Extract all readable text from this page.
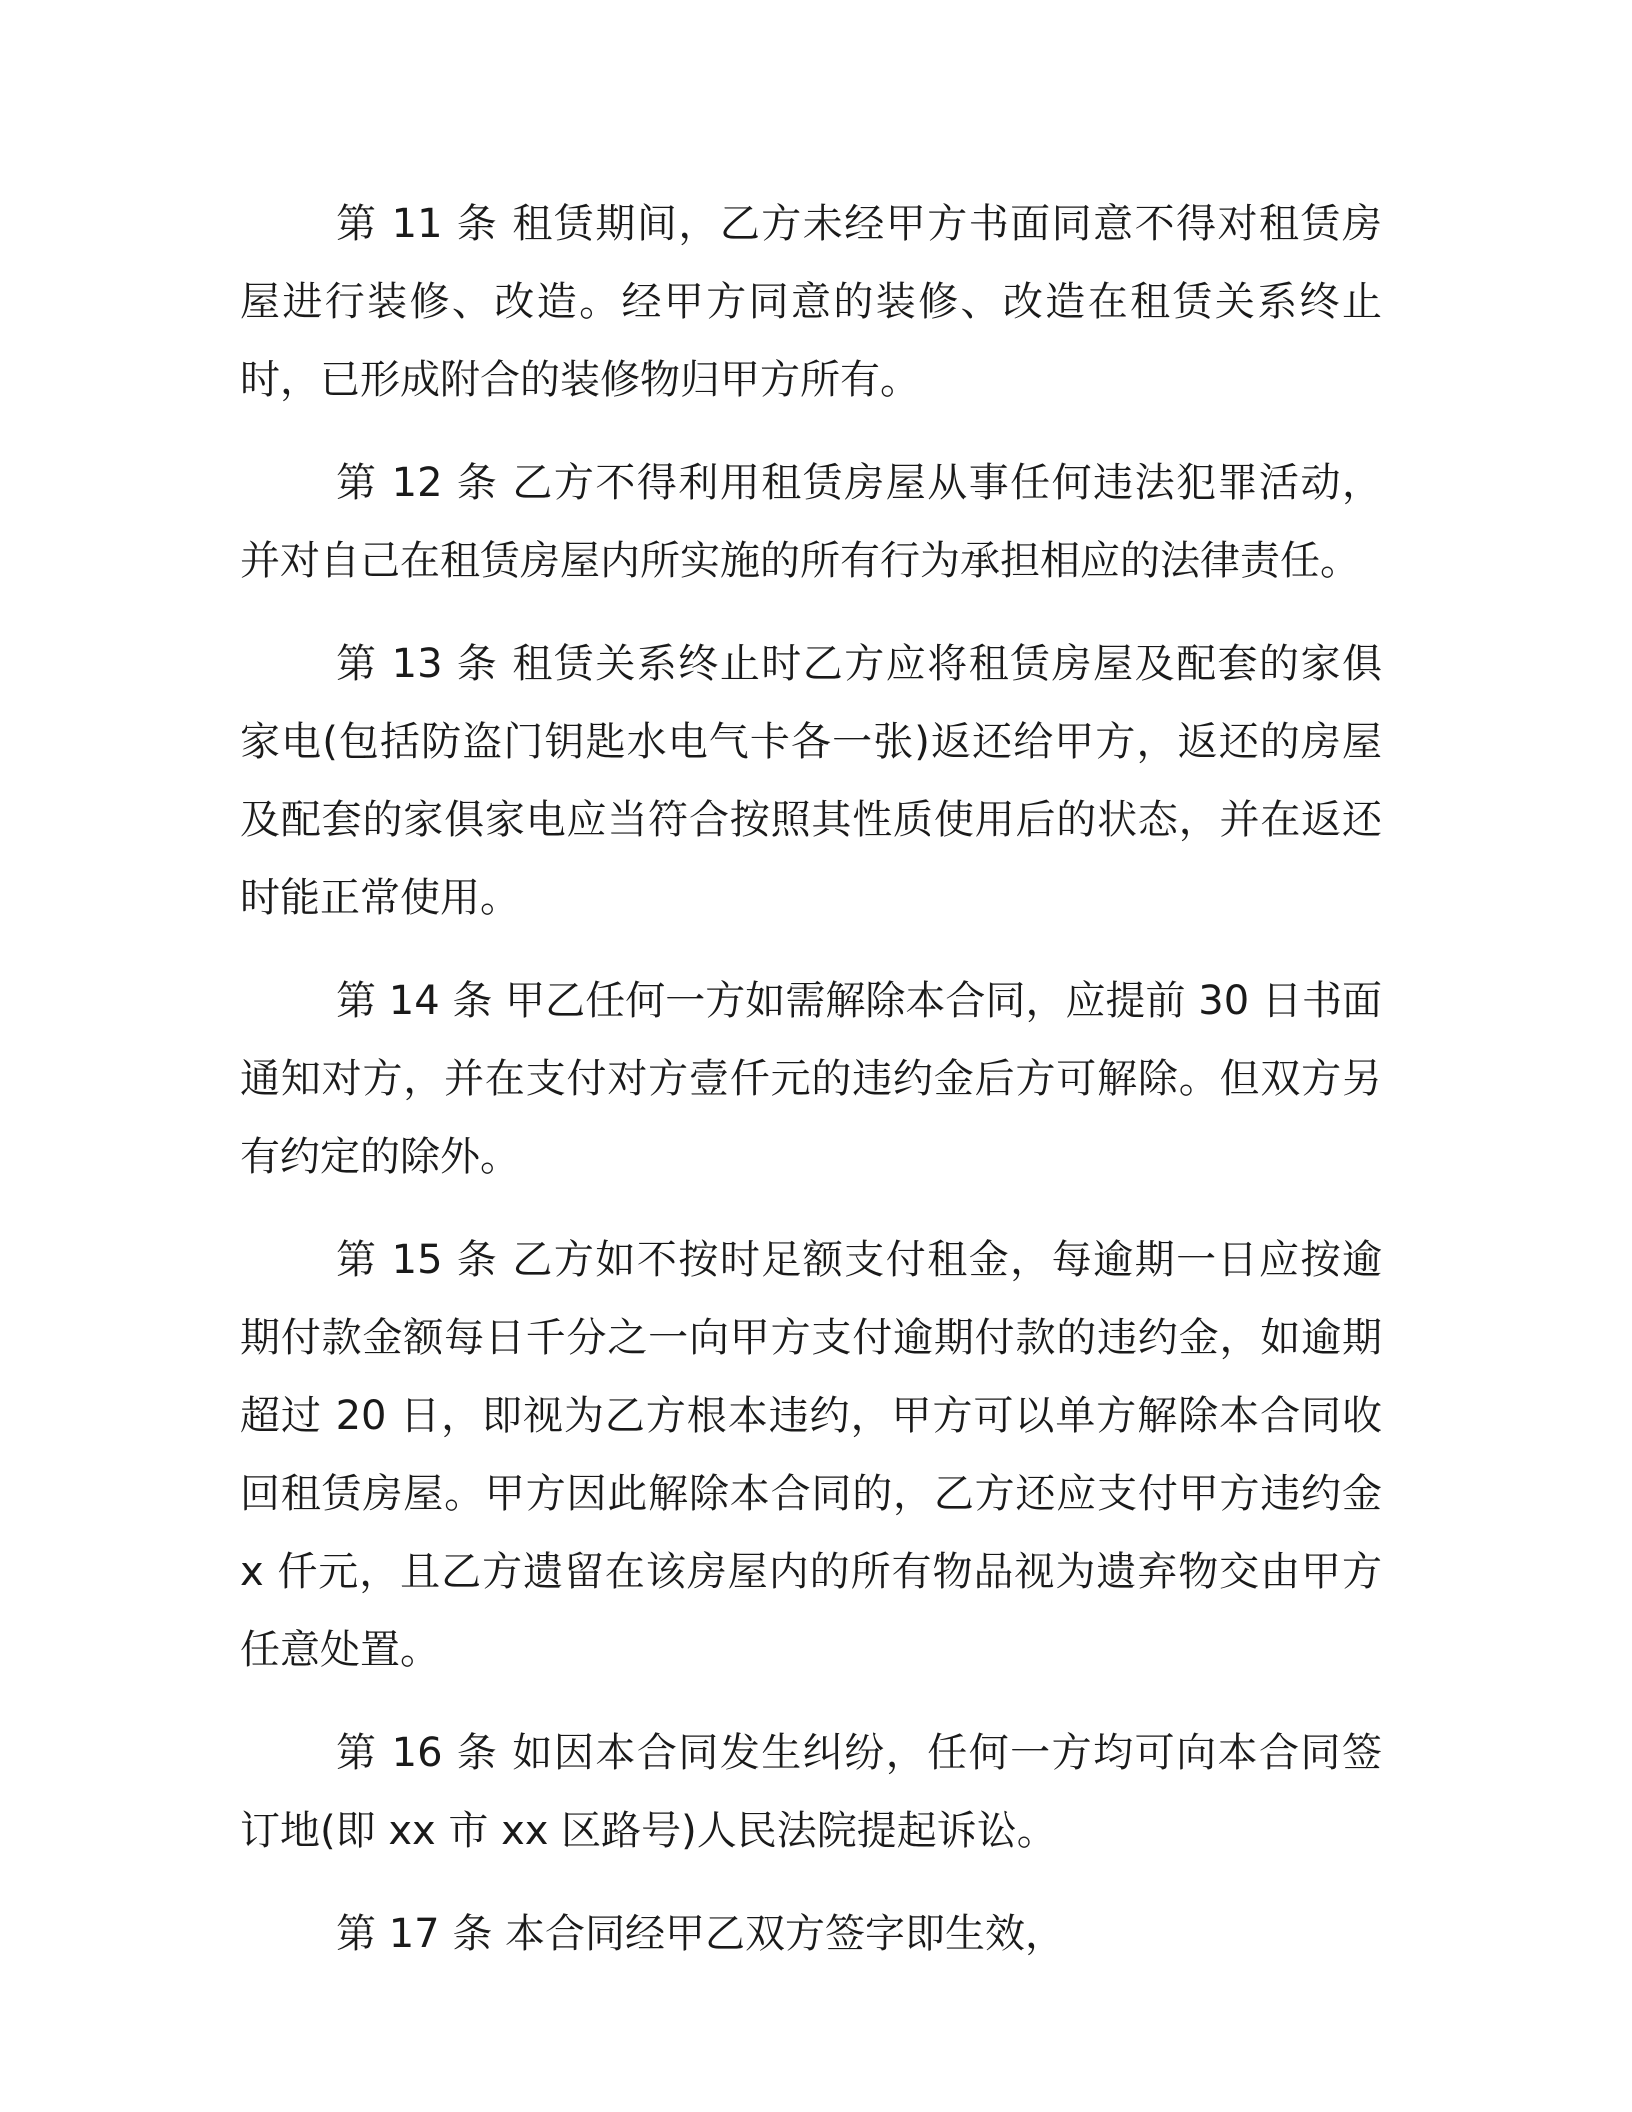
第 11 条 租赁期间，乙方未经甲方书面同意不得对租赁房屋进行装修、改造。经甲方同意的装修、改造在租赁关系终止时，已形成附合的装修物归甲方所有。

第 12 条 乙方不得利用租赁房屋从事任何违法犯罪活动，并对自己在租赁房屋内所实施的所有行为承担相应的法律责任。

第 13 条 租赁关系终止时乙方应将租赁房屋及配套的家俱家电(包括防盗门钥匙水电气卡各一张)返还给甲方，返还的房屋及配套的家俱家电应当符合按照其性质使用后的状态，并在返还时能正常使用。

第 14 条 甲乙任何一方如需解除本合同，应提前 30 日书面通知对方，并在支付对方壹仟元的违约金后方可解除。但双方另有约定的除外。

第 15 条 乙方如不按时足额支付租金，每逾期一日应按逾期付款金额每日千分之一向甲方支付逾期付款的违约金，如逾期超过 20 日，即视为乙方根本违约，甲方可以单方解除本合同收回租赁房屋。甲方因此解除本合同的，乙方还应支付甲方违约金 x 仟元，且乙方遗留在该房屋内的所有物品视为遗弃物交由甲方任意处置。

第 16 条 如因本合同发生纠纷，任何一方均可向本合同签订地(即 xx 市 xx 区路号)人民法院提起诉讼。

第 17 条 本合同经甲乙双方签字即生效，
